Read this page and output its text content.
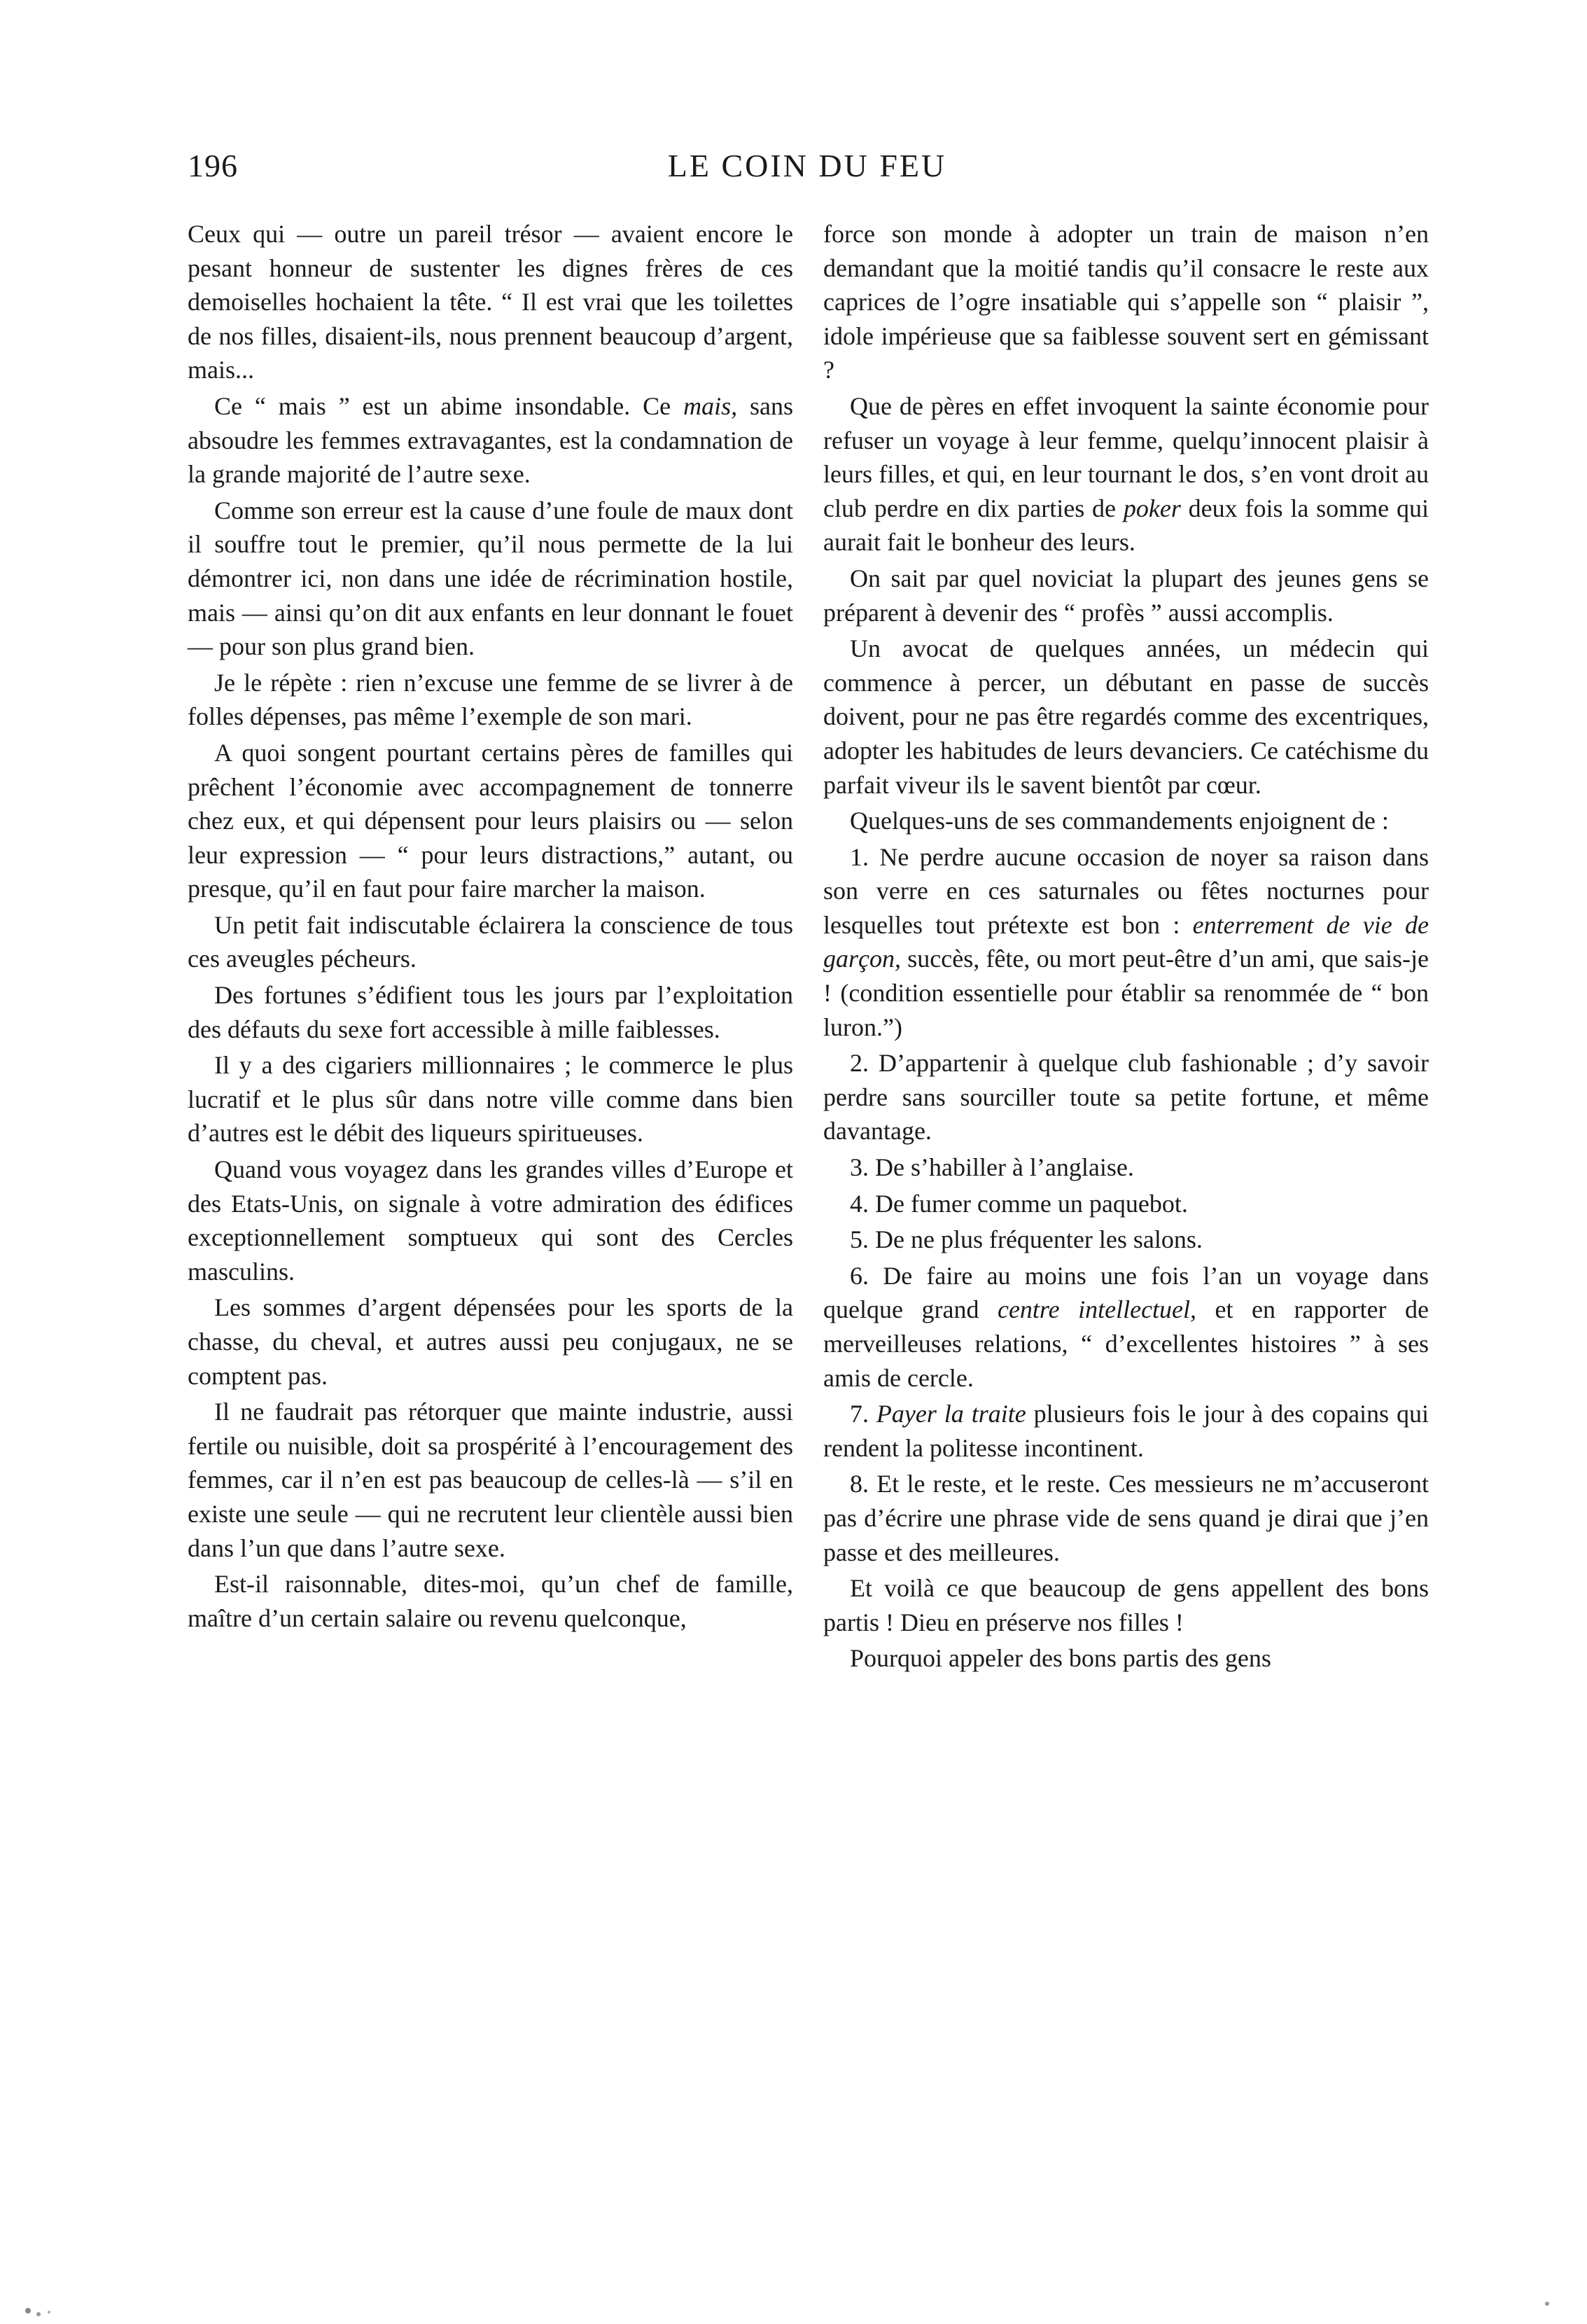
196	LE COIN DU FEU

Ceux qui — outre un pareil trésor — avaient encore le pesant honneur de sustenter les dignes frères de ces demoiselles hochaient la tête. “ Il est vrai que les toilettes de nos filles, disaient-ils, nous prennent beaucoup d’argent, mais...

Ce “ mais ” est un abime insondable. Ce mais, sans absoudre les femmes extravagantes, est la condamnation de la grande majorité de l’autre sexe.

Comme son erreur est la cause d’une foule de maux dont il souffre tout le premier, qu’il nous permette de la lui démontrer ici, non dans une idée de récrimination hostile, mais — ainsi qu’on dit aux enfants en leur donnant le fouet — pour son plus grand bien.

Je le répète : rien n’excuse une femme de se livrer à de folles dépenses, pas même l’exemple de son mari.

A quoi songent pourtant certains pères de familles qui prêchent l’économie avec accompagnement de tonnerre chez eux, et qui dépensent pour leurs plaisirs ou — selon leur expression — “ pour leurs distractions,” autant, ou presque, qu’il en faut pour faire marcher la maison.

Un petit fait indiscutable éclairera la conscience de tous ces aveugles pécheurs.

Des fortunes s’édifient tous les jours par l’exploitation des défauts du sexe fort accessible à mille faiblesses.

Il y a des cigariers millionnaires ; le commerce le plus lucratif et le plus sûr dans notre ville comme dans bien d’autres est le débit des liqueurs spiritueuses.

Quand vous voyagez dans les grandes villes d’Europe et des Etats-Unis, on signale à votre admiration des édifices exceptionnellement somptueux qui sont des Cercles masculins.

Les sommes d’argent dépensées pour les sports de la chasse, du cheval, et autres aussi peu conjugaux, ne se comptent pas.

Il ne faudrait pas rétorquer que mainte industrie, aussi fertile ou nuisible, doit sa prospérité à l’encouragement des femmes, car il n’en est pas beaucoup de celles-là — s’il en existe une seule — qui ne recrutent leur clientèle aussi bien dans l’un que dans l’autre sexe.

Est-il raisonnable, dites-moi, qu’un chef de famille, maître d’un certain salaire ou revenu quelconque,

force son monde à adopter un train de maison n’en demandant que la moitié tandis qu’il consacre le reste aux caprices de l’ogre insatiable qui s’appelle son “ plaisir ”, idole impérieuse que sa faiblesse souvent sert en gémissant ?

Que de pères en effet invoquent la sainte économie pour refuser un voyage à leur femme, quelqu’innocent plaisir à leurs filles, et qui, en leur tournant le dos, s’en vont droit au club perdre en dix parties de poker deux fois la somme qui aurait fait le bonheur des leurs.

On sait par quel noviciat la plupart des jeunes gens se préparent à devenir des “ profès ” aussi accomplis.

Un avocat de quelques années, un médecin qui commence à percer, un débutant en passe de succès doivent, pour ne pas être regardés comme des excentriques, adopter les habitudes de leurs devanciers. Ce catéchisme du parfait viveur ils le savent bientôt par cœur.

Quelques-uns de ses commandements enjoignent de :

1. Ne perdre aucune occasion de noyer sa raison dans son verre en ces saturnales ou fêtes nocturnes pour lesquelles tout prétexte est bon : enterrement de vie de garçon, succès, fête, ou mort peut-être d’un ami, que sais-je ! (condition essentielle pour établir sa renommée de “ bon luron.”)

2. D’appartenir à quelque club fashionable ; d’y savoir perdre sans sourciller toute sa petite fortune, et même davantage.

3. De s’habiller à l’anglaise.

4. De fumer comme un paquebot.

5. De ne plus fréquenter les salons.

6. De faire au moins une fois l’an un voyage dans quelque grand centre intellectuel, et en rapporter de merveilleuses relations, “ d’excellentes histoires ” à ses amis de cercle.

7. Payer la traite plusieurs fois le jour à des copains qui rendent la politesse incontinent.

8. Et le reste, et le reste. Ces messieurs ne m’accuseront pas d’écrire une phrase vide de sens quand je dirai que j’en passe et des meilleures.

Et voilà ce que beaucoup de gens appellent des bons partis ! Dieu en préserve nos filles !

Pourquoi appeler des bons partis des gens
